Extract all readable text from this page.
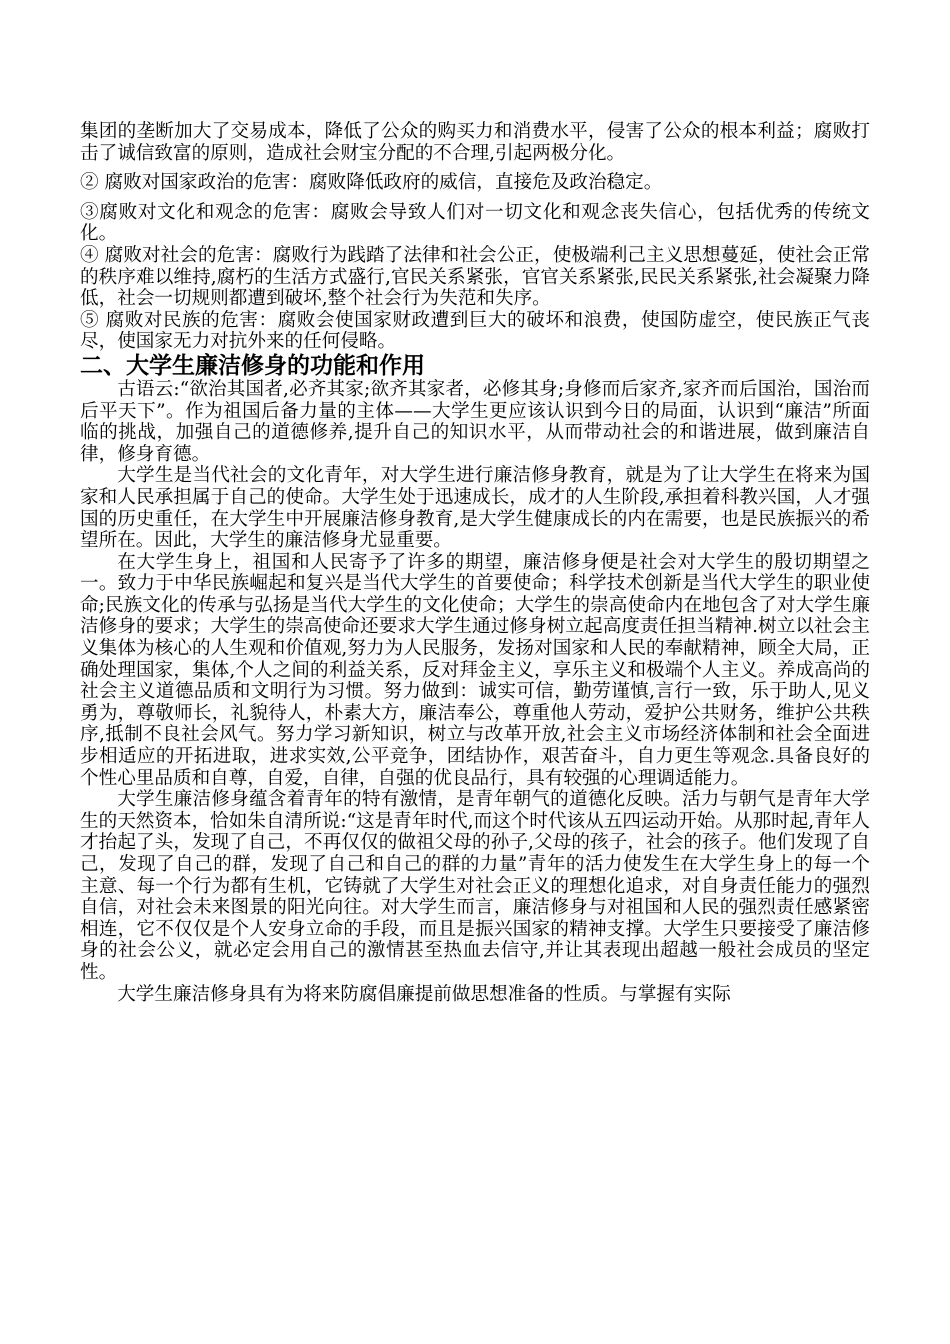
集团的垄断加大了交易成本，降低了公众的购买力和消费水平，侵害了公众的根本利益；腐败打击了诚信致富的原则，造成社会财宝分配的不合理,引起两极分化。

② 腐败对国家政治的危害：腐败降低政府的威信，直接危及政治稳定。

③腐败对文化和观念的危害：腐败会导致人们对一切文化和观念丧失信心，包括优秀的传统文化。

④ 腐败对社会的危害：腐败行为践踏了法律和社会公正，使极端利己主义思想蔓延，使社会正常的秩序难以维持,腐朽的生活方式盛行,官民关系紧张，官官关系紧张,民民关系紧张,社会凝聚力降低，社会一切规则都遭到破坏,整个社会行为失范和失序。

⑤ 腐败对民族的危害：腐败会使国家财政遭到巨大的破坏和浪费，使国防虚空，使民族正气丧尽，使国家无力对抗外来的任何侵略。

二、大学生廉洁修身的功能和作用

古语云:“欲治其国者,必齐其家;欲齐其家者，必修其身;身修而后家齐,家齐而后国治，国治而后平天下”。作为祖国后备力量的主体——大学生更应该认识到今日的局面，认识到“廉洁”所面临的挑战，加强自己的道德修养,提升自己的知识水平，从而带动社会的和谐进展，做到廉洁自律，修身育德。

大学生是当代社会的文化青年，对大学生进行廉洁修身教育，就是为了让大学生在将来为国家和人民承担属于自己的使命。大学生处于迅速成长，成才的人生阶段,承担着科教兴国，人才强国的历史重任，在大学生中开展廉洁修身教育,是大学生健康成长的内在需要，也是民族振兴的希望所在。因此，大学生的廉洁修身尤显重要。

在大学生身上，祖国和人民寄予了许多的期望，廉洁修身便是社会对大学生的殷切期望之一。致力于中华民族崛起和复兴是当代大学生的首要使命；科学技术创新是当代大学生的职业使命;民族文化的传承与弘扬是当代大学生的文化使命；大学生的崇高使命内在地包含了对大学生廉洁修身的要求；大学生的崇高使命还要求大学生通过修身树立起高度责任担当精神.树立以社会主义集体为核心的人生观和价值观,努力为人民服务，发扬对国家和人民的奉献精神，顾全大局，正确处理国家，集体,个人之间的利益关系，反对拜金主义，享乐主义和极端个人主义。养成高尚的社会主义道德品质和文明行为习惯。努力做到：诚实可信，勤劳谨慎,言行一致，乐于助人,见义勇为，尊敬师长，礼貌待人，朴素大方，廉洁奉公，尊重他人劳动，爱护公共财务，维护公共秩序,抵制不良社会风气。努力学习新知识，树立与改革开放,社会主义市场经济体制和社会全面进步相适应的开拓进取，进求实效,公平竞争，团结协作，艰苦奋斗，自力更生等观念.具备良好的个性心里品质和自尊，自爱，自律，自强的优良品行，具有较强的心理调适能力。

大学生廉洁修身蕴含着青年的特有激情，是青年朝气的道德化反映。活力与朝气是青年大学生的天然资本，恰如朱自清所说:“这是青年时代,而这个时代该从五四运动开始。从那时起,青年人才抬起了头，发现了自己，不再仅仅的做祖父母的孙子,父母的孩子，社会的孩子。他们发现了自己，发现了自己的群，发现了自己和自己的群的力量”青年的活力使发生在大学生身上的每一个主意、每一个行为都有生机，它铸就了大学生对社会正义的理想化追求，对自身责任能力的强烈自信，对社会未来图景的阳光向往。对大学生而言，廉洁修身与对祖国和人民的强烈责任感紧密相连，它不仅仅是个人安身立命的手段，而且是振兴国家的精神支撑。大学生只要接受了廉洁修身的社会公义，就必定会用自己的激情甚至热血去信守,并让其表现出超越一般社会成员的坚定性。

大学生廉洁修身具有为将来防腐倡廉提前做思想准备的性质。与掌握有实际
